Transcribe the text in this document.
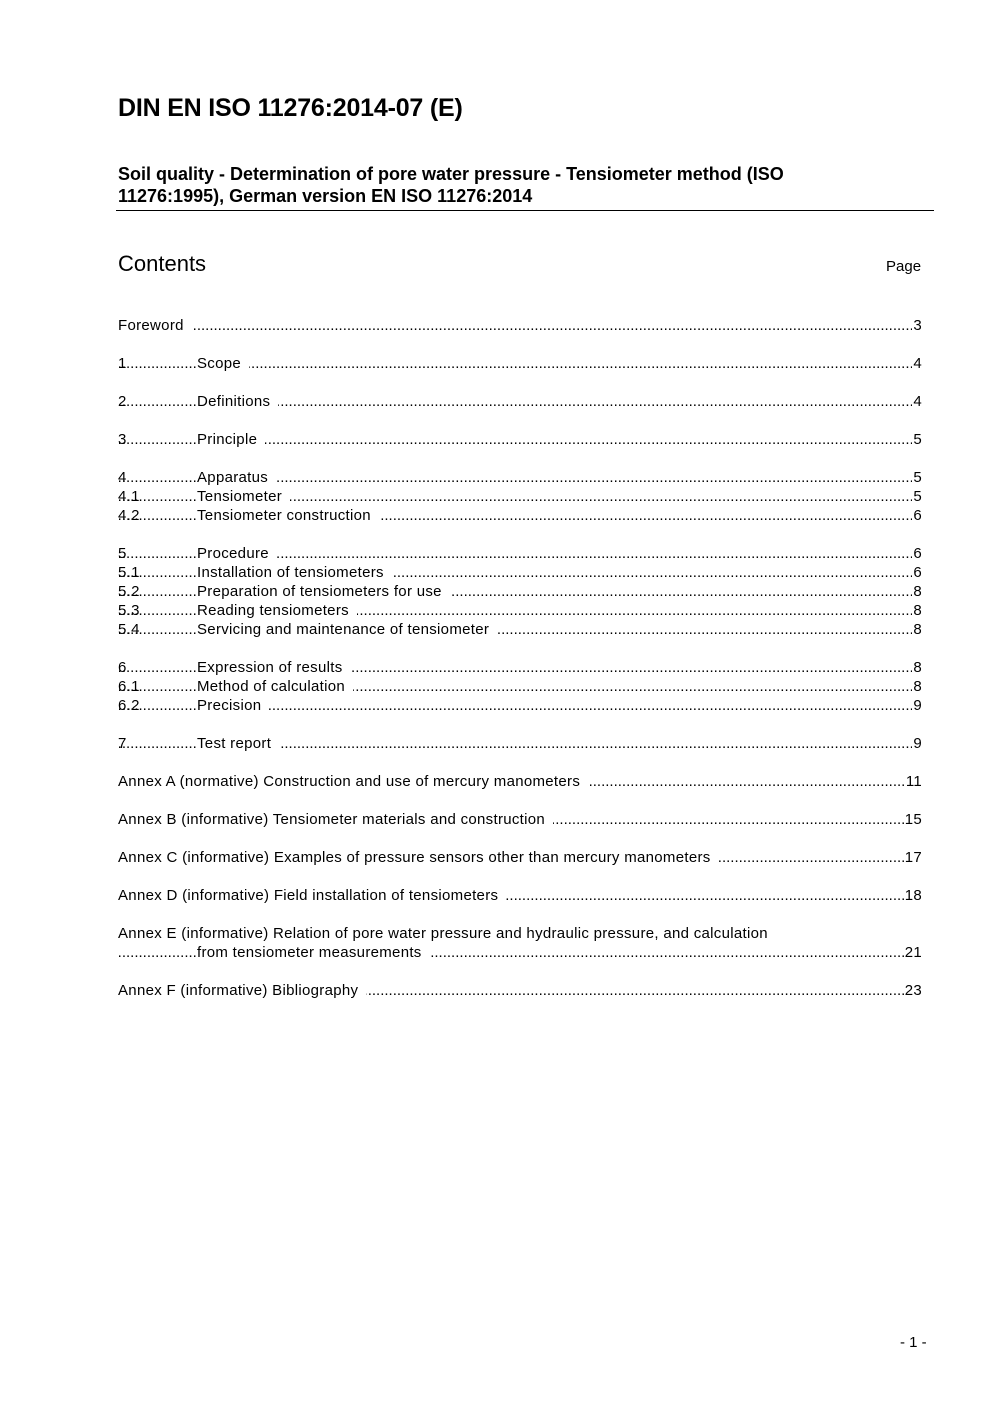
DIN EN ISO 11276:2014-07 (E)
Soil quality - Determination of pore water pressure - Tensiometer method (ISO 11276:1995), German version EN ISO 11276:2014
Contents	Page
Foreword .....	3
1	Scope .....	4
2	Definitions .....	4
3	Principle .....	5
4	Apparatus .....	5
4.1	Tensiometer .....	5
4.2	Tensiometer construction .....	6
5	Procedure .....	6
5.1	Installation of tensiometers .....	6
5.2	Preparation of tensiometers for use .....	8
5.3	Reading tensiometers .....	8
5.4	Servicing and maintenance of tensiometer .....	8
6	Expression of results .....	8
6.1	Method of calculation .....	8
6.2	Precision .....	9
7	Test report .....	9
Annex A (normative) Construction and use of mercury manometers .....	11
Annex B (informative) Tensiometer materials and construction .....	15
Annex C (informative) Examples of pressure sensors other than mercury manometers .....	17
Annex D (informative) Field installation of tensiometers .....	18
Annex E (informative) Relation of pore water pressure and hydraulic pressure, and calculation
from tensiometer measurements .....	21
Annex F (informative) Bibliography .....	23
- 1 -
